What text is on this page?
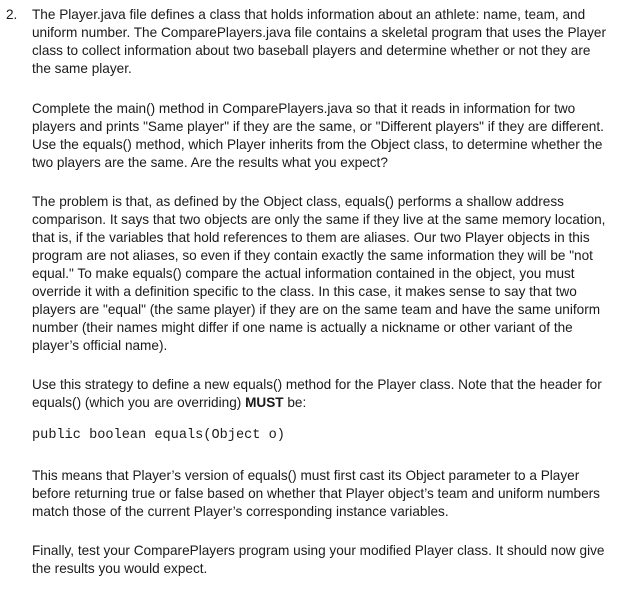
2. The Player.java file defines a class that holds information about an athlete: name, team, and uniform number. The ComparePlayers.java file contains a skeletal program that uses the Player class to collect information about two baseball players and determine whether or not they are the same player.

Complete the main() method in ComparePlayers.java so that it reads in information for two players and prints "Same player" if they are the same, or "Different players" if they are different. Use the equals() method, which Player inherits from the Object class, to determine whether the two players are the same. Are the results what you expect?

The problem is that, as defined by the Object class, equals() performs a shallow address comparison. It says that two objects are only the same if they live at the same memory location, that is, if the variables that hold references to them are aliases. Our two Player objects in this program are not aliases, so even if they contain exactly the same information they will be "not equal." To make equals() compare the actual information contained in the object, you must override it with a definition specific to the class. In this case, it makes sense to say that two players are "equal" (the same player) if they are on the same team and have the same uniform number (their names might differ if one name is actually a nickname or other variant of the player’s official name).

Use this strategy to define a new equals() method for the Player class. Note that the header for equals() (which you are overriding) MUST be:

public boolean equals(Object o)

This means that Player’s version of equals() must first cast its Object parameter to a Player before returning true or false based on whether that Player object’s team and uniform numbers match those of the current Player’s corresponding instance variables.

Finally, test your ComparePlayers program using your modified Player class. It should now give the results you would expect.
